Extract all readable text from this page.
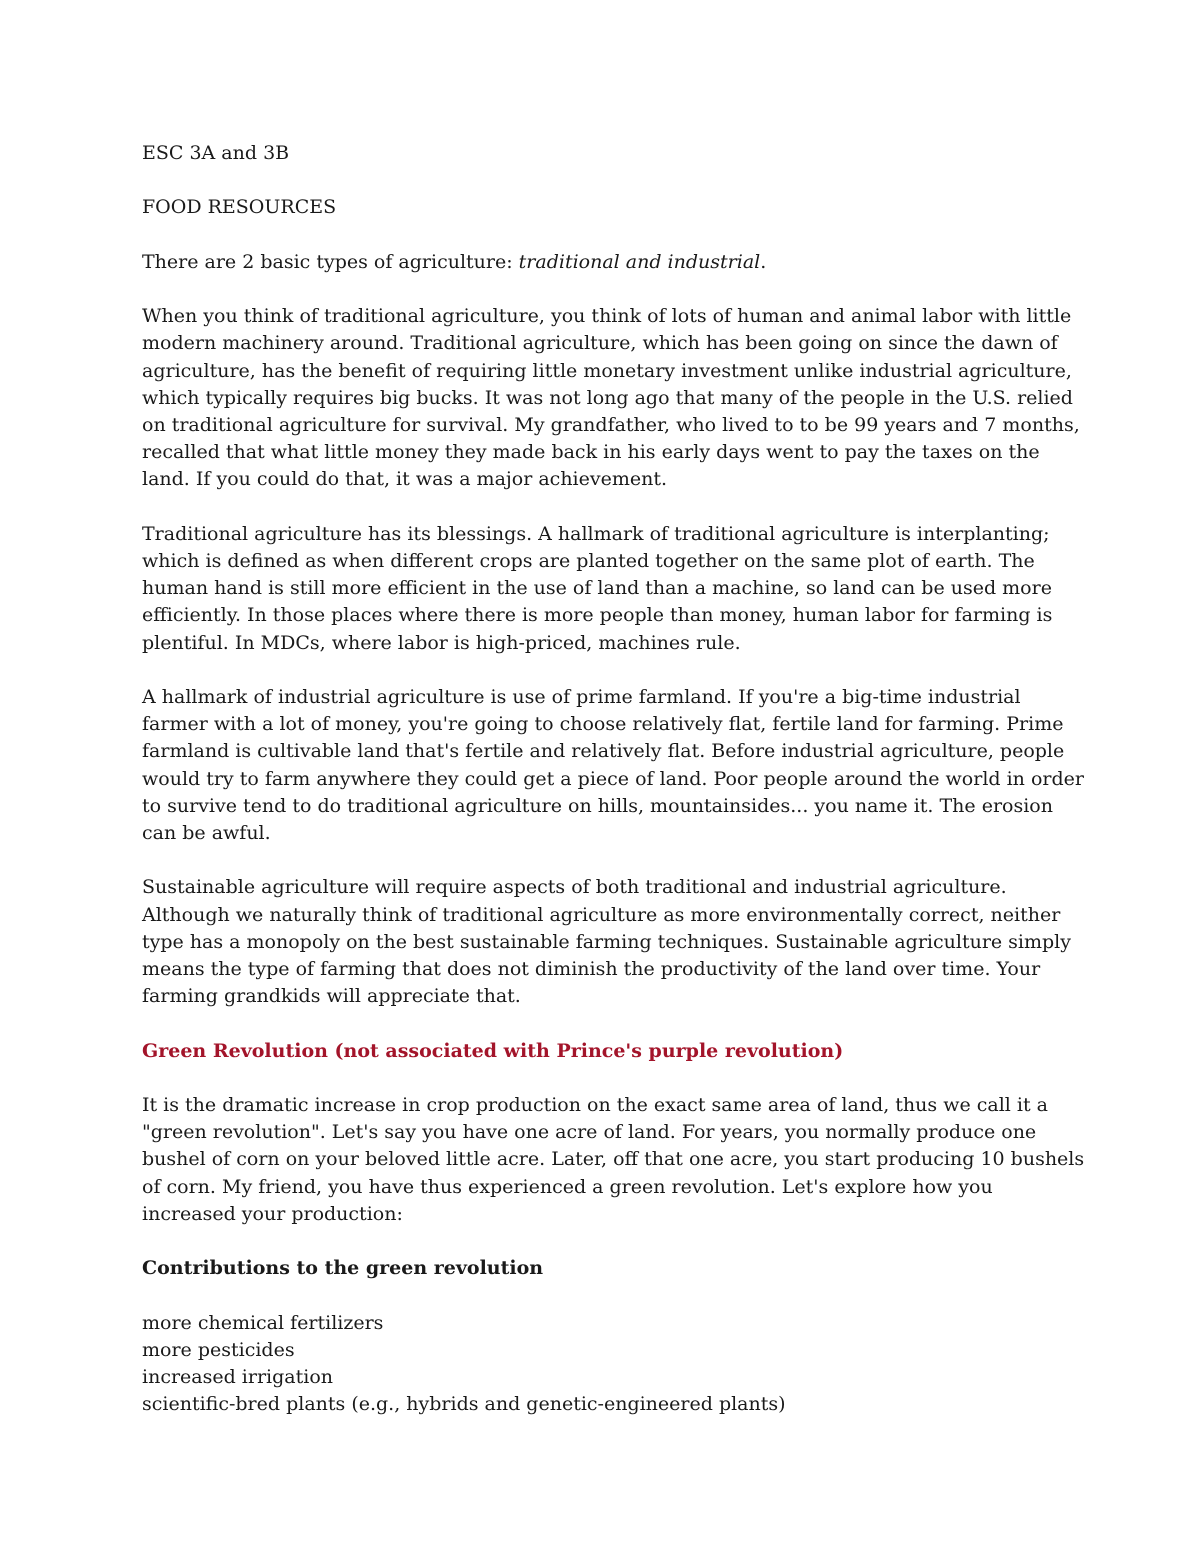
ESC 3A and 3B
FOOD RESOURCES
There are 2 basic types of agriculture: traditional and industrial.
When you think of traditional agriculture, you think of lots of human and animal labor with little
modern machinery around. Traditional agriculture, which has been going on since the dawn of
agriculture, has the benefit of requiring little monetary investment unlike industrial agriculture,
which typically requires big bucks. It was not long ago that many of the people in the U.S. relied
on traditional agriculture for survival. My grandfather, who lived to to be 99 years and 7 months,
recalled that what little money they made back in his early days went to pay the taxes on the
land. If you could do that, it was a major achievement.
Traditional agriculture has its blessings. A hallmark of traditional agriculture is interplanting;
which is defined as when different crops are planted together on the same plot of earth. The
human hand is still more efficient in the use of land than a machine, so land can be used more
efficiently. In those places where there is more people than money, human labor for farming is
plentiful. In MDCs, where labor is high-priced, machines rule.
A hallmark of industrial agriculture is use of prime farmland. If you're a big-time industrial
farmer with a lot of money, you're going to choose relatively flat, fertile land for farming. Prime
farmland is cultivable land that's fertile and relatively flat. Before industrial agriculture, people
would try to farm anywhere they could get a piece of land. Poor people around the world in order
to survive tend to do traditional agriculture on hills, mountainsides... you name it. The erosion
can be awful.
Sustainable agriculture will require aspects of both traditional and industrial agriculture.
Although we naturally think of traditional agriculture as more environmentally correct, neither
type has a monopoly on the best sustainable farming techniques. Sustainable agriculture simply
means the type of farming that does not diminish the productivity of the land over time. Your
farming grandkids will appreciate that.
Green Revolution (not associated with Prince's purple revolution)
It is the dramatic increase in crop production on the exact same area of land, thus we call it a
"green revolution". Let's say you have one acre of land. For years, you normally produce one
bushel of corn on your beloved little acre. Later, off that one acre, you start producing 10 bushels
of corn. My friend, you have thus experienced a green revolution. Let's explore how you
increased your production:
Contributions to the green revolution
more chemical fertilizers
more pesticides
increased irrigation
scientific-bred plants (e.g., hybrids and genetic-engineered plants)
